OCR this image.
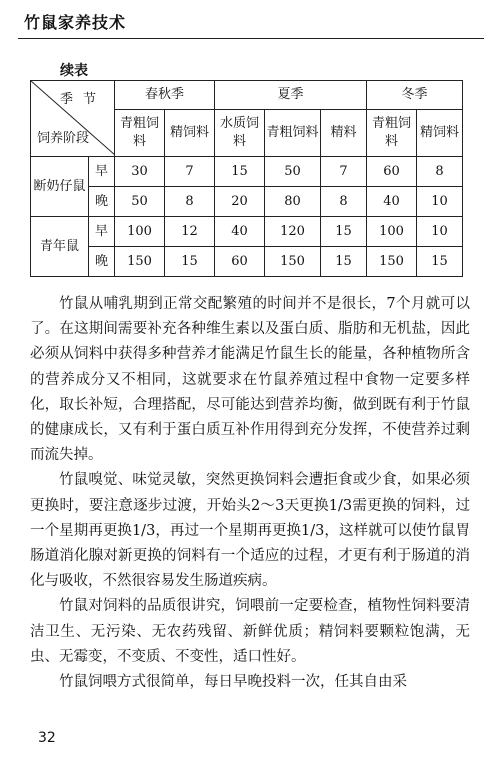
竹鼠家养技术
续表
季节
饲养阶段		春秋季		夏季			冬季	
		青粗饲料	精饲料	水质饲料	青粗饲料	精料	青粗饲料	精饲料
断奶仔鼠	早	30	7	15	50	7	60	8
	晚	50	8	20	80	8	40	10
青年鼠	早	100	12	40	120	15	100	10
	晚	150	15	60	150	15	150	15

竹鼠从哺乳期到正常交配繁殖的时间并不是很长，7个月就可以了。在这期间需要补充各种维生素以及蛋白质、脂肪和无机盐，因此必须从饲料中获得多种营养才能满足竹鼠生长的能量，各种植物所含的营养成分又不相同，这就要求在竹鼠养殖过程中食物一定要多样化，取长补短，合理搭配，尽可能达到营养均衡，做到既有利于竹鼠的健康成长，又有利于蛋白质互补作用得到充分发挥，不使营养过剩而流失掉。

竹鼠嗅觉、味觉灵敏，突然更换饲料会遭拒食或少食，如果必须更换时，要注意逐步过渡，开始头2～3天更换1/3需更换的饲料，过一个星期再更换1/3，再过一个星期再更换1/3，这样就可以使竹鼠胃肠道消化腺对新更换的饲料有一个适应的过程，才更有利于肠道的消化与吸收，不然很容易发生肠道疾病。

竹鼠对饲料的品质很讲究，饲喂前一定要检查，植物性饲料要清洁卫生、无污染、无农药残留、新鲜优质；精饲料要颗粒饱满，无虫、无霉变，不变质、不变性，适口性好。

竹鼠饲喂方式很简单，每日早晚投料一次，任其自由采

32
